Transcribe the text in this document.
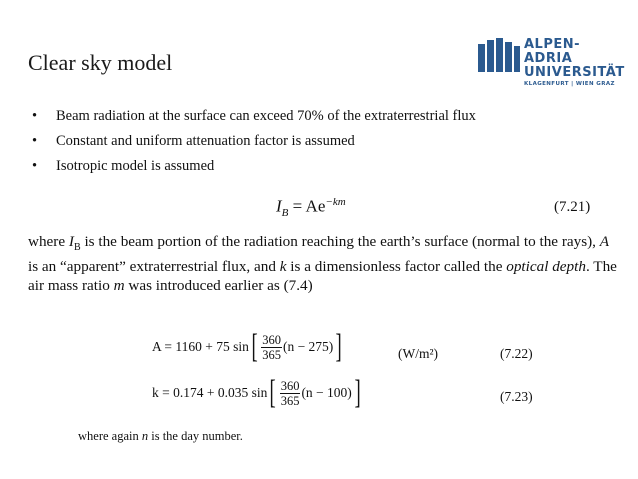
Clear sky model
ALPEN-ADRIA
UNIVERSITÄT
KLAGENFURT | WIEN GRAZ
• Beam radiation at the surface can exceed 70% of the extraterrestrial flux
• Constant and uniform attenuation factor is assumed
• Isotropic model is assumed
$I_B = Ae^{-km}$	(7.21)
where $I_B$ is the beam portion of the radiation reaching the earth’s surface (normal to the rays), A is an “apparent” extraterrestrial flux, and k is a dimensionless factor called the optical depth. The air mass ratio m was introduced earlier as (7.4)
A = 1160 + 75 sin [ $\frac{360}{365} (n - 275)$ ]	(W/m²)	(7.22)
k = 0.174 + 0.035 sin [ $\frac{360}{365} (n - 100)$ ]	(7.23)
where again n is the day number.
